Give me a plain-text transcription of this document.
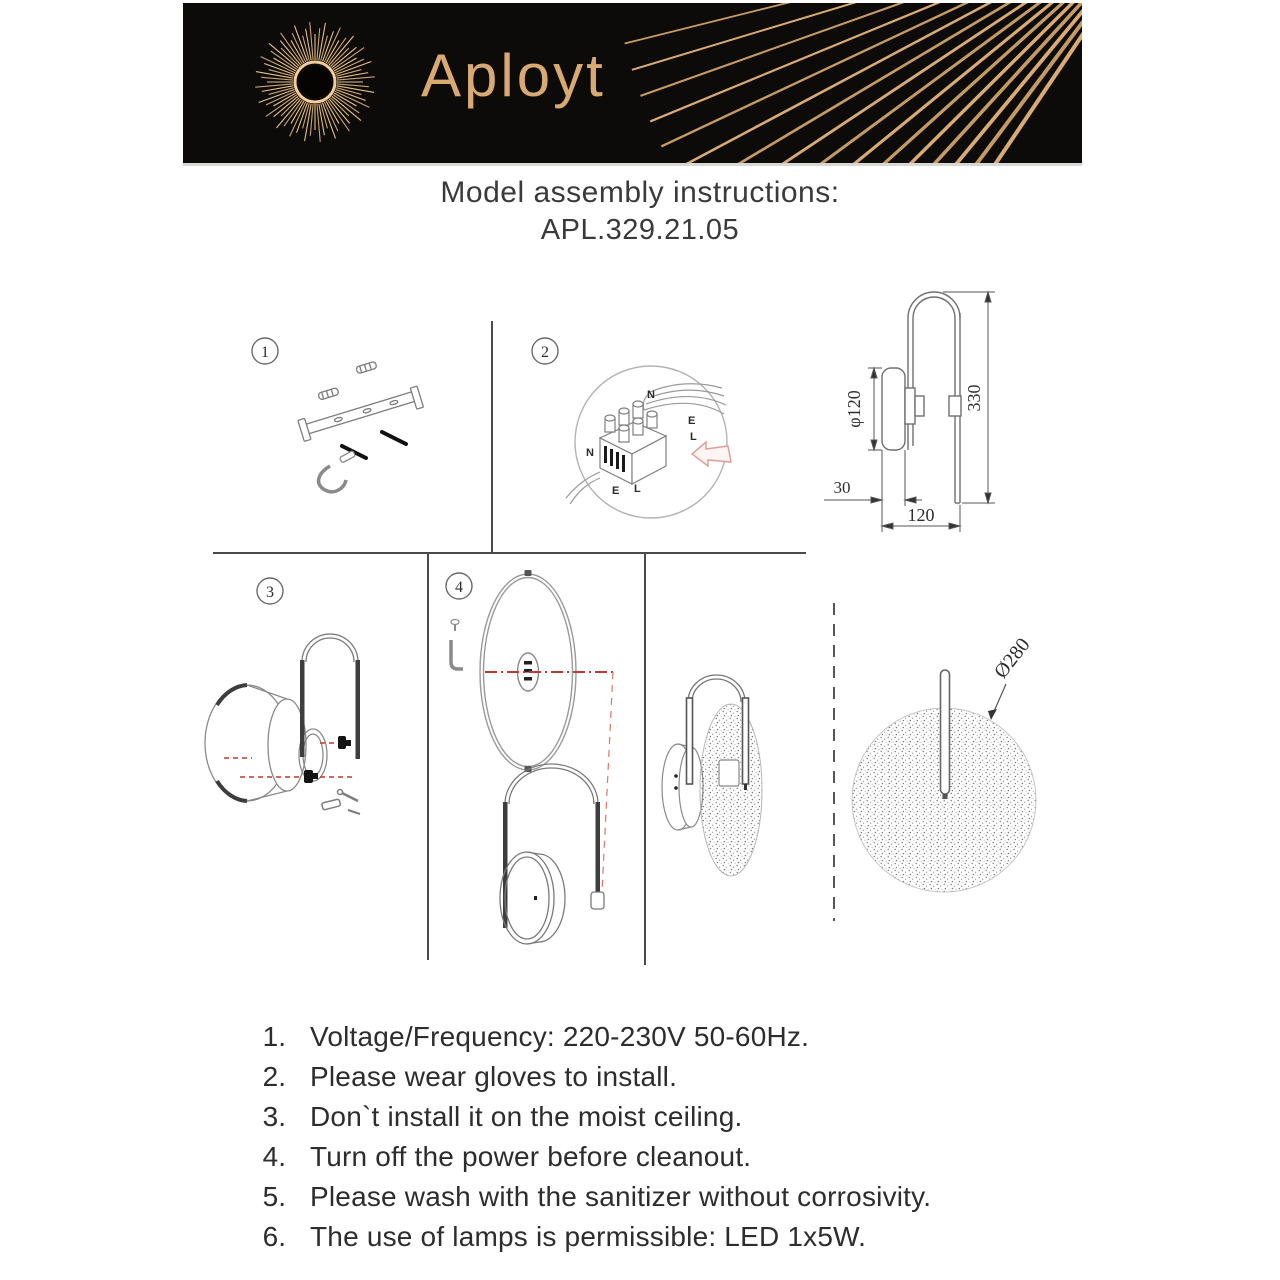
Aployt
Model assembly instructions:
APL.329.21.05
1	2
N
E
L
N
E L
φ120	330
30
120
3	4
Ø280
1. Voltage/Frequency: 220-230V 50-60Hz.
2. Please wear gloves to install.
3. Don`t install it on the moist ceiling.
4. Turn off the power before cleanout.
5. Please wash with the sanitizer without corrosivity.
6. The use of lamps is permissible: LED 1x5W.
